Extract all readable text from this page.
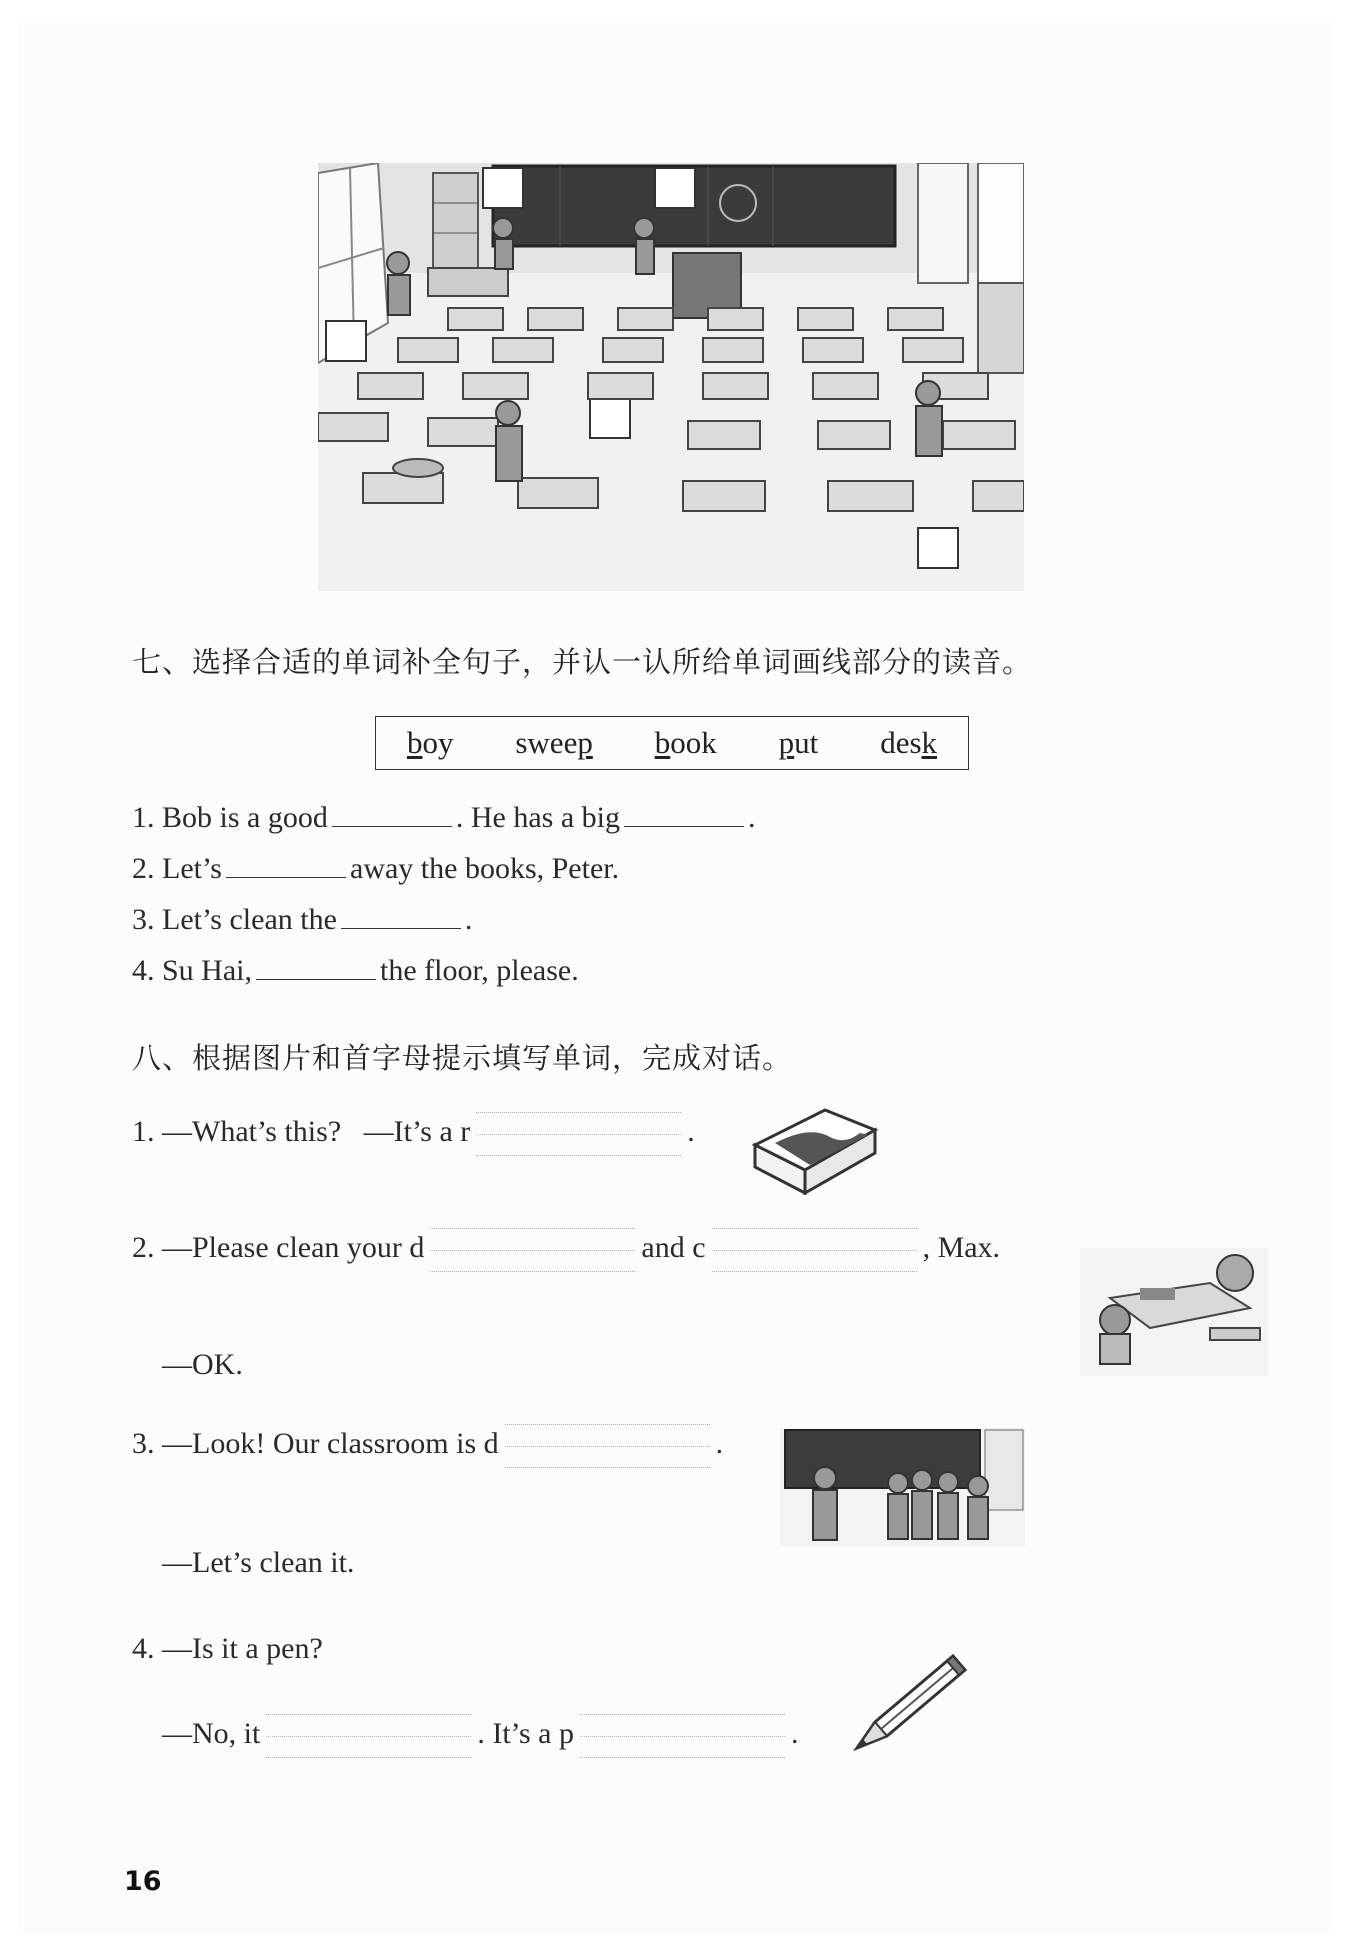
七、选择合适的单词补全句子，并认一认所给单词画线部分的读音。
boy sweep book put desk
1. Bob is a good	. He has a big	.
2. Let’s	away the books, Peter.
3. Let’s clean the	.
4. Su Hai,	the floor, please.
八、根据图片和首字母提示填写单词，完成对话。
1. —What’s this? —It’s a r	.
2. —Please clean your d	and c	, Max.
—OK.
3. —Look! Our classroom is d	.
—Let’s clean it.
4. —Is it a pen?
—No, it	. It’s a p	.
16
